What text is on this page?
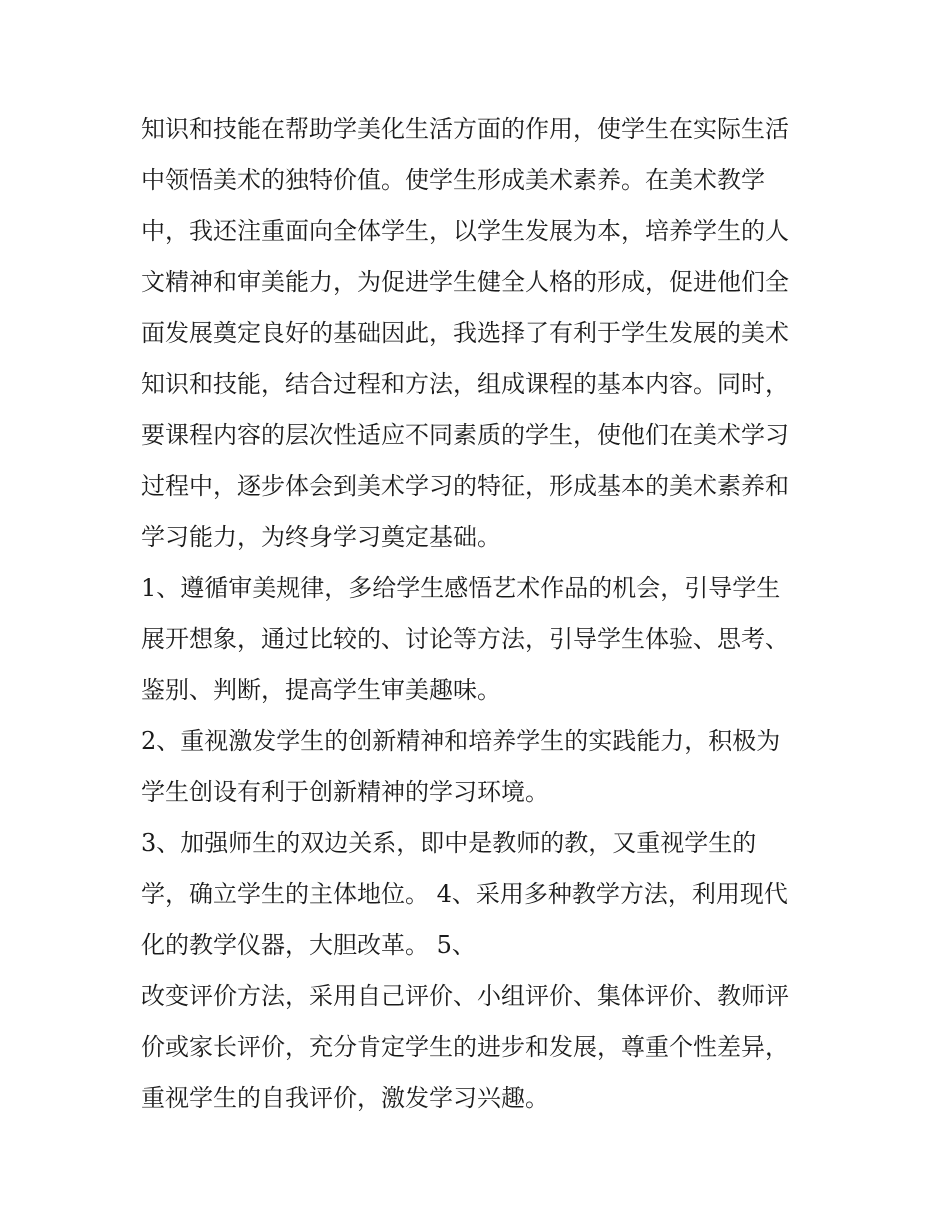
知识和技能在帮助学美化生活方面的作用，使学生在实际生活
中领悟美术的独特价值。使学生形成美术素养。在美术教学
中，我还注重面向全体学生，以学生发展为本，培养学生的人
文精神和审美能力，为促进学生健全人格的形成，促进他们全
面发展奠定良好的基础因此，我选择了有利于学生发展的美术
知识和技能，结合过程和方法，组成课程的基本内容。同时，
要课程内容的层次性适应不同素质的学生，使他们在美术学习
过程中，逐步体会到美术学习的特征，形成基本的美术素养和
学习能力，为终身学习奠定基础。
1、遵循审美规律，多给学生感悟艺术作品的机会，引导学生
展开想象，通过比较的、讨论等方法，引导学生体验、思考、
鉴别、判断，提高学生审美趣味。
2、重视激发学生的创新精神和培养学生的实践能力，积极为
学生创设有利于创新精神的学习环境。
3、加强师生的双边关系，即中是教师的教，又重视学生的
学，确立学生的主体地位。 4、采用多种教学方法，利用现代
化的教学仪器，大胆改革。 5、
改变评价方法，采用自己评价、小组评价、集体评价、教师评
价或家长评价，充分肯定学生的进步和发展，尊重个性差异，
重视学生的自我评价，激发学习兴趣。
